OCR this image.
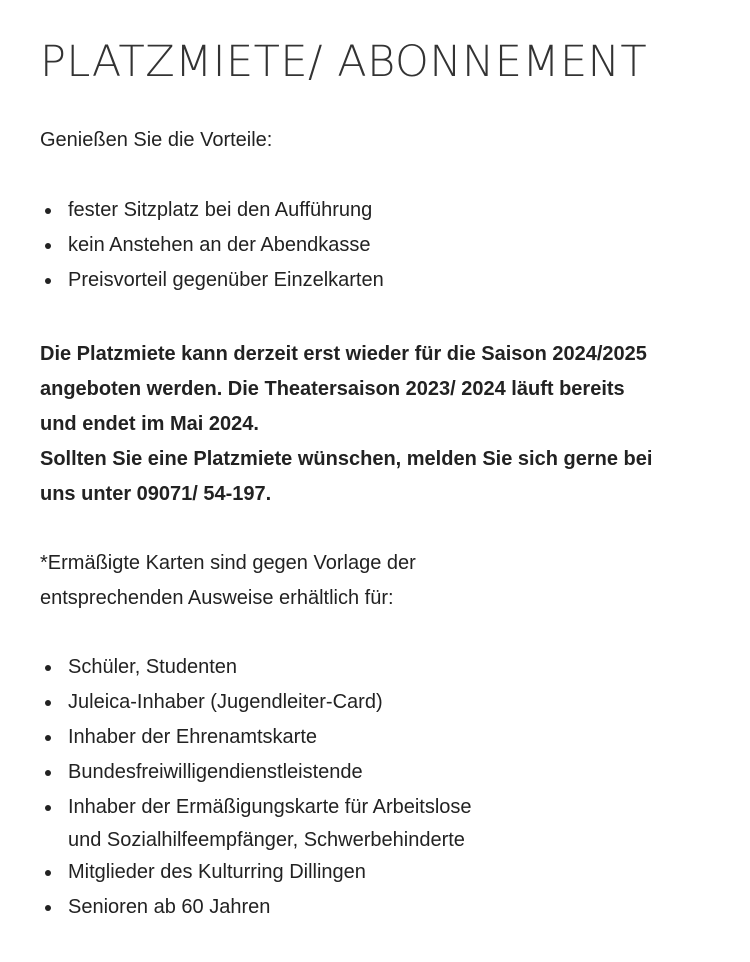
PLATZMIETE/ ABONNEMENT

Genießen Sie die Vorteile:

fester Sitzplatz bei den Aufführung
kein Anstehen an der Abendkasse
Preisvorteil gegenüber Einzelkarten

Die Platzmiete kann derzeit erst wieder für die Saison 2024/2025
angeboten werden. Die Theatersaison 2023/ 2024 läuft bereits
und endet im Mai 2024.
Sollten Sie eine Platzmiete wünschen, melden Sie sich gerne bei
uns unter 09071/ 54-197.

*Ermäßigte Karten sind gegen Vorlage der
entsprechenden Ausweise erhältlich für:

Schüler, Studenten
Juleica-Inhaber (Jugendleiter-Card)
Inhaber der Ehrenamtskarte
Bundesfreiwilligendienstleistende
Inhaber der Ermäßigungskarte für Arbeitslose
und Sozialhilfeempfänger, Schwerbehinderte
Mitglieder des Kulturring Dillingen
Senioren ab 60 Jahren
